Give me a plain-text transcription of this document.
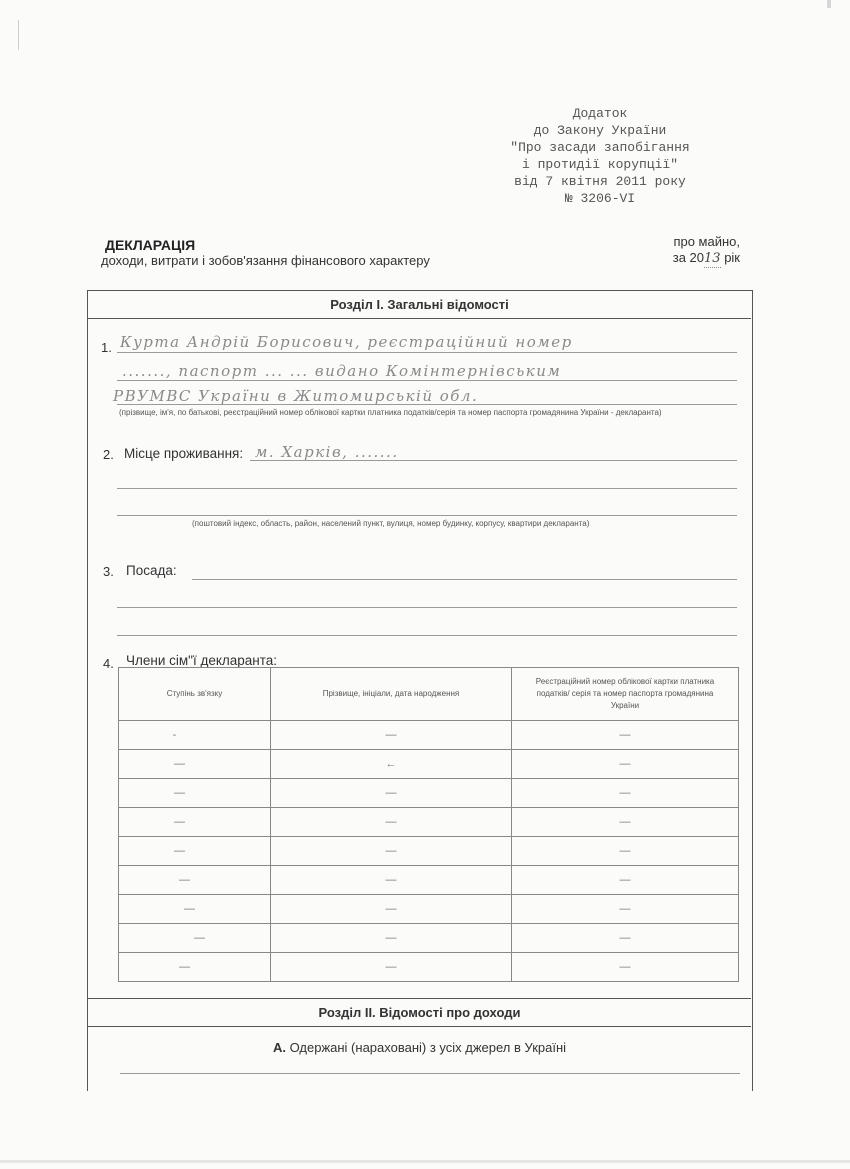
Додаток
до Закону України
"Про засади запобігання
і протидії корупції"
від 7 квітня 2011 року
№ 3206-VI
ДЕКЛАРАЦІЯ
доходи, витрати і зобов'язання фінансового характеру
про майно,
за 2013 рік
Розділ І. Загальні відомості
1. Курта Андрій Борисович, реєстраційний номер
......., паспорт ... ... видано Комінтернівським
РВУМВС України в Житомирській обл.
(прізвище, ім'я, по батькові, реєстраційний номер облікової картки платника податків/серія та номер паспорта громадянина України - декларанта)
2. Місце проживання: м. Харків, .......
(поштовий індекс, область, район, населений пункт, вулиця, номер будинку, корпусу, квартири декларанта)
3. Посада:
4. Члени сім"ї декларанта:
Ступінь зв'язку	Прізвище, ініціали, дата народження	Реєстраційний номер облікової картки платника податків/ серія та номер паспорта громадянина України
-	—	—
—	←	—
—	—	—
—	—	—
—	—	—
—	—	—
—	—	—
—	—	—
—	—	—
Розділ ІІ. Відомості про доходи
А. Одержані (нараховані) з усіх джерел в Україні
